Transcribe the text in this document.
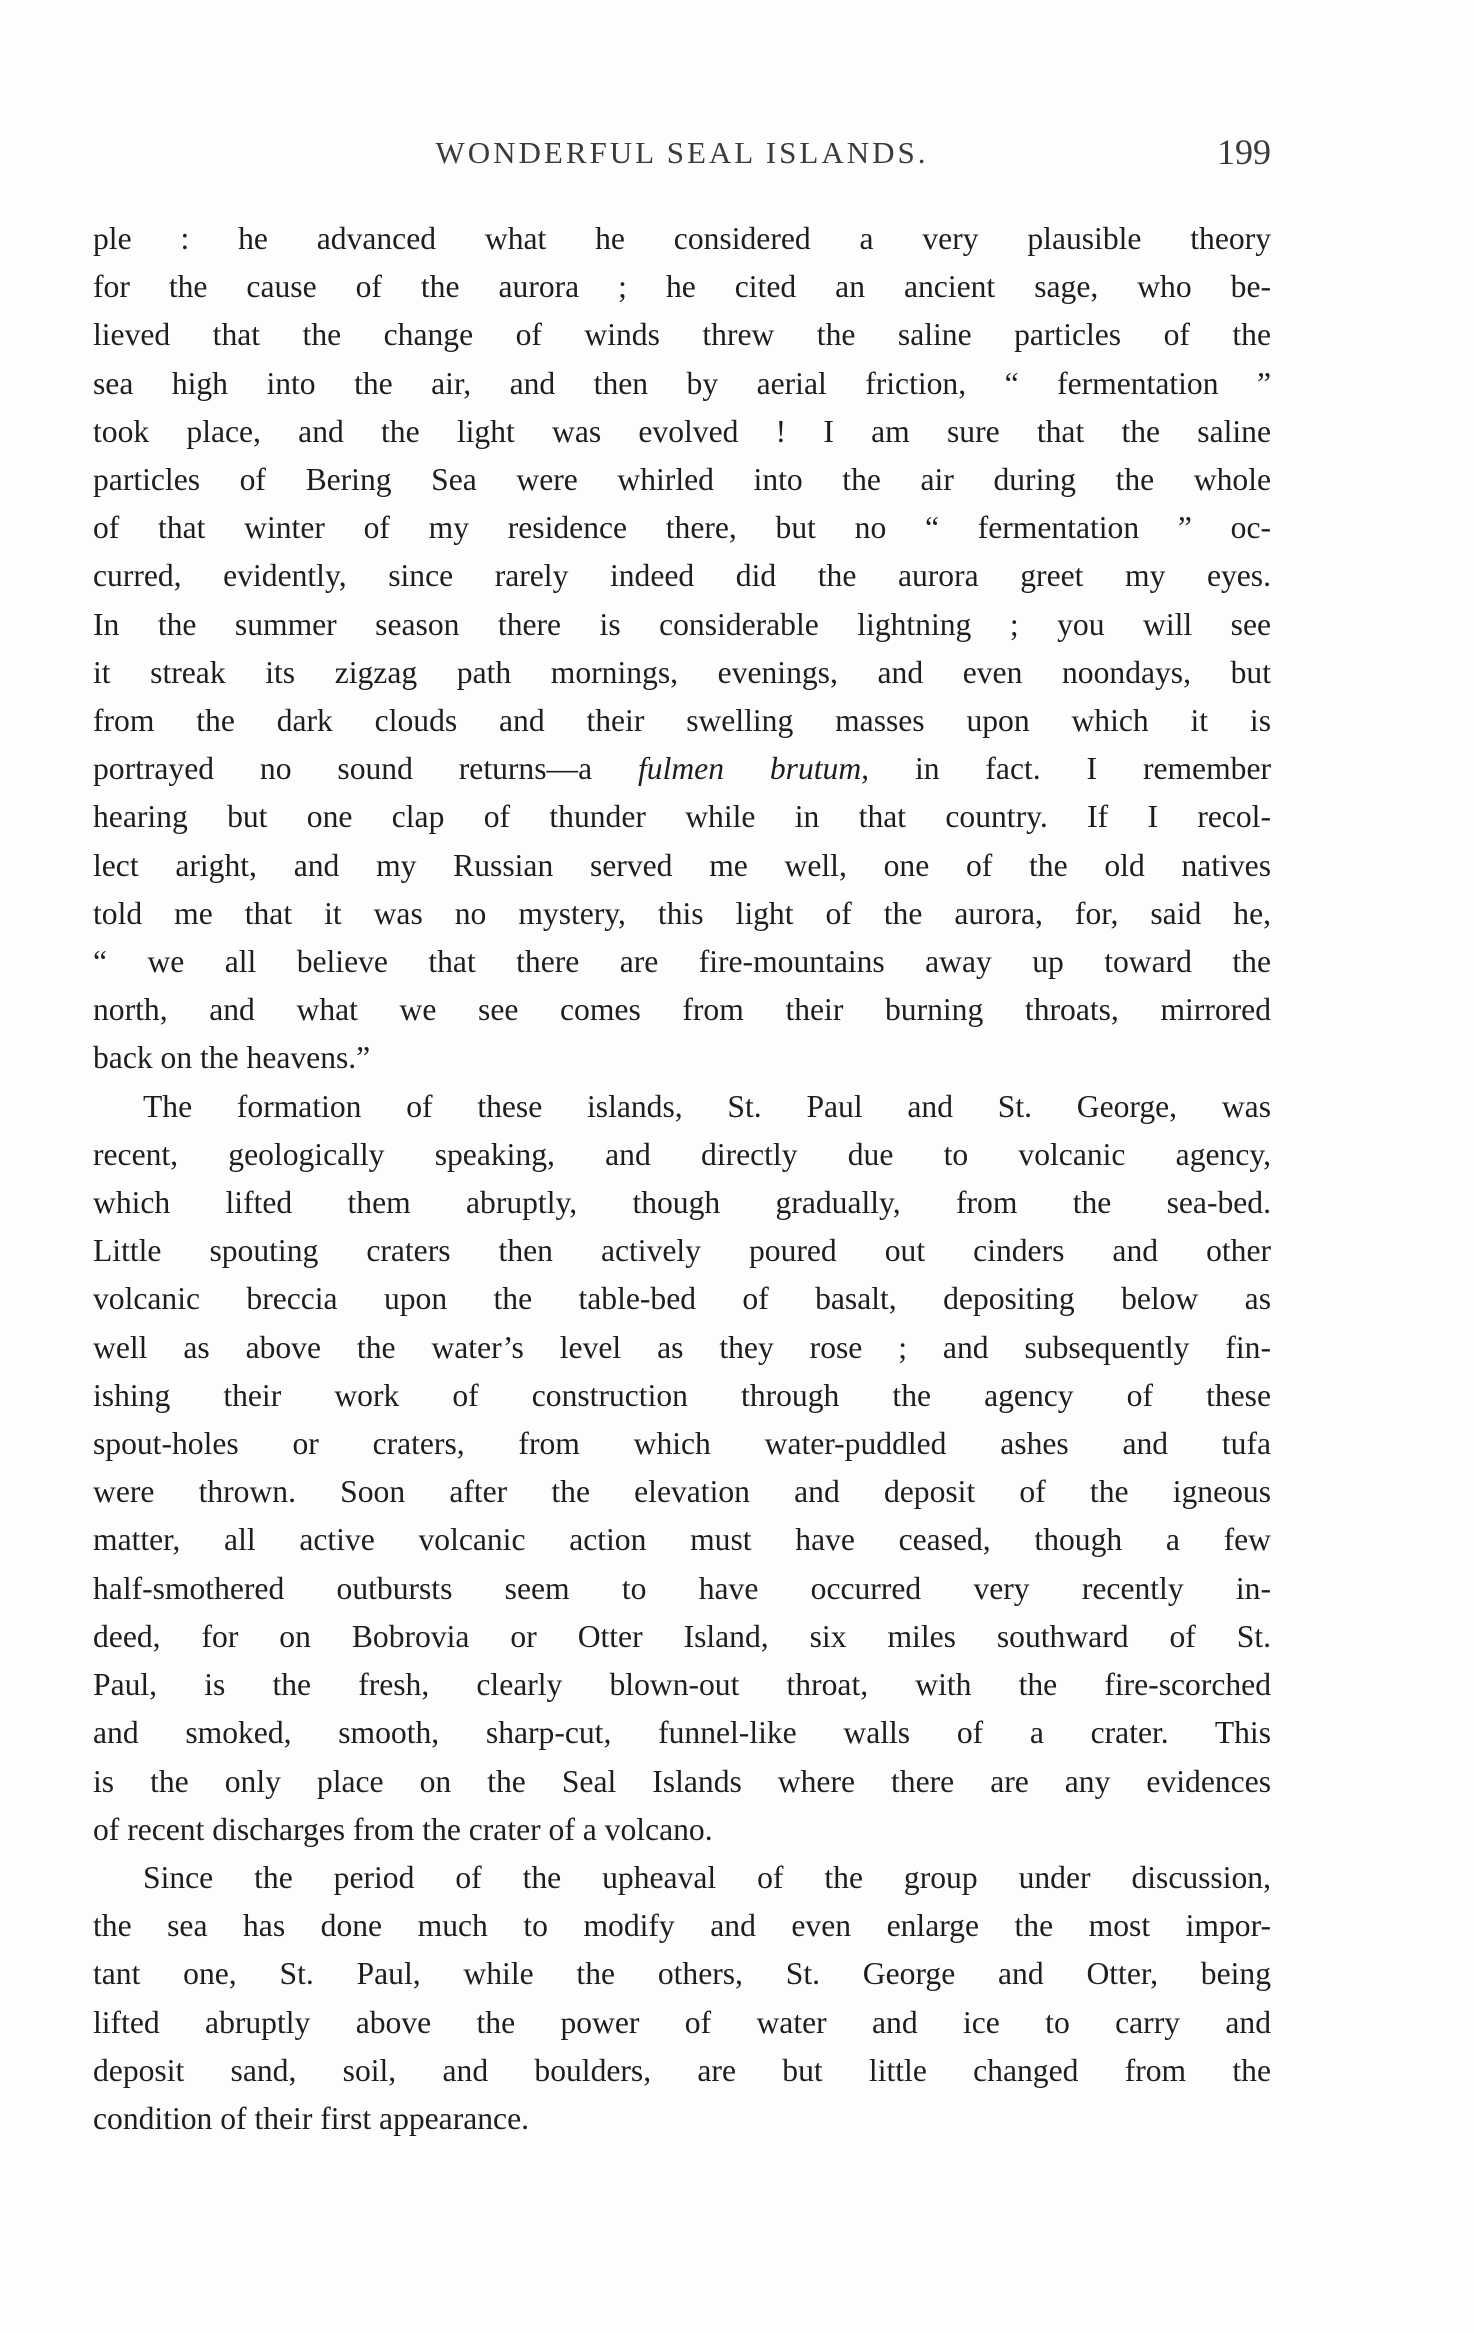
WONDERFUL SEAL ISLANDS.	199
ple : he advanced what he considered a very plausible theory
for the cause of the aurora ; he cited an ancient sage, who be-
lieved that the change of winds threw the saline particles of the
sea high into the air, and then by aerial friction, “ fermentation ”
took place, and the light was evolved ! I am sure that the saline
particles of Bering Sea were whirled into the air during the whole
of that winter of my residence there, but no “ fermentation ” oc-
curred, evidently, since rarely indeed did the aurora greet my eyes.
In the summer season there is considerable lightning ; you will see
it streak its zigzag path mornings, evenings, and even noondays, but
from the dark clouds and their swelling masses upon which it is
portrayed no sound returns—a fulmen brutum, in fact. I remember
hearing but one clap of thunder while in that country. If I recol-
lect aright, and my Russian served me well, one of the old natives
told me that it was no mystery, this light of the aurora, for, said he,
“ we all believe that there are fire-mountains away up toward the
north, and what we see comes from their burning throats, mirrored
back on the heavens.”
The formation of these islands, St. Paul and St. George, was
recent, geologically speaking, and directly due to volcanic agency,
which lifted them abruptly, though gradually, from the sea-bed.
Little spouting craters then actively poured out cinders and other
volcanic breccia upon the table-bed of basalt, depositing below as
well as above the water’s level as they rose ; and subsequently fin-
ishing their work of construction through the agency of these
spout-holes or craters, from which water-puddled ashes and tufa
were thrown. Soon after the elevation and deposit of the igneous
matter, all active volcanic action must have ceased, though a few
half-smothered outbursts seem to have occurred very recently in-
deed, for on Bobrovia or Otter Island, six miles southward of St.
Paul, is the fresh, clearly blown-out throat, with the fire-scorched
and smoked, smooth, sharp-cut, funnel-like walls of a crater. This
is the only place on the Seal Islands where there are any evidences
of recent discharges from the crater of a volcano.
Since the period of the upheaval of the group under discussion,
the sea has done much to modify and even enlarge the most impor-
tant one, St. Paul, while the others, St. George and Otter, being
lifted abruptly above the power of water and ice to carry and
deposit sand, soil, and boulders, are but little changed from the
condition of their first appearance.
